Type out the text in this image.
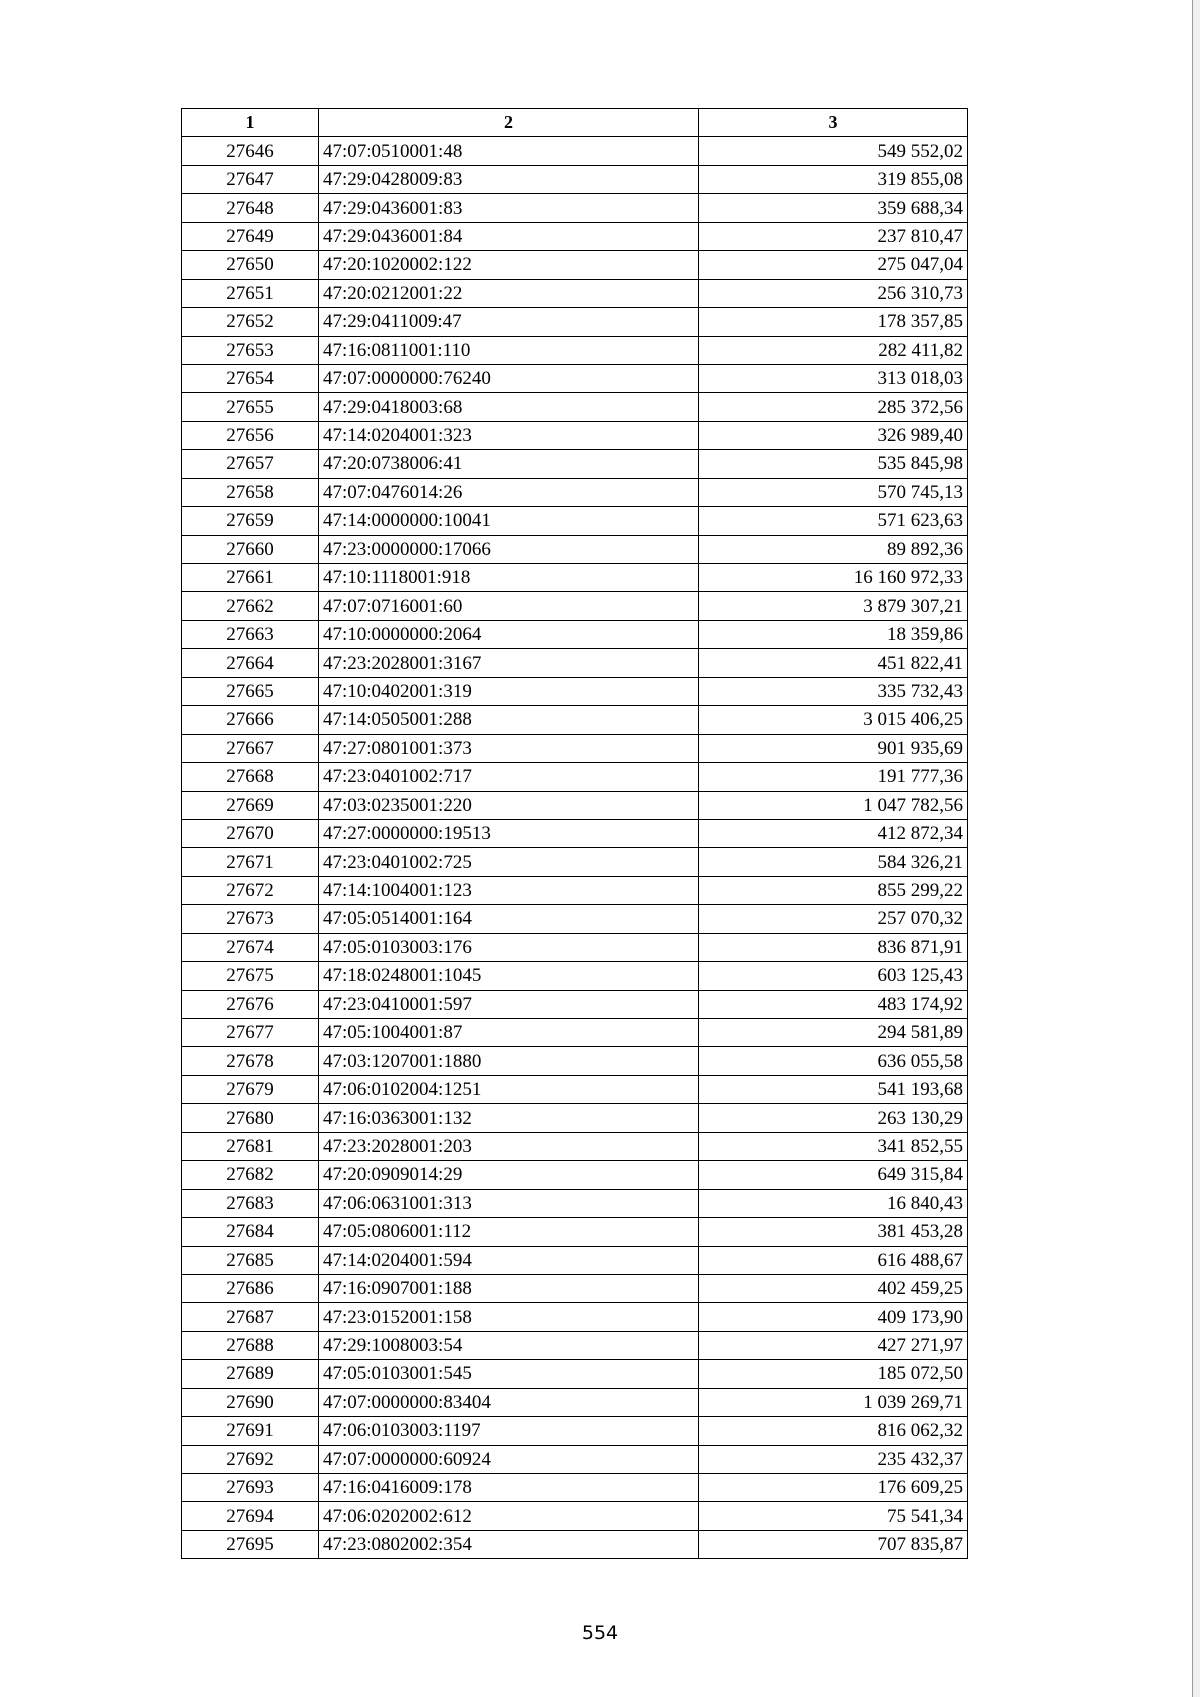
1	2	3
27646	47:07:0510001:48	549 552,02
27647	47:29:0428009:83	319 855,08
27648	47:29:0436001:83	359 688,34
27649	47:29:0436001:84	237 810,47
27650	47:20:1020002:122	275 047,04
27651	47:20:0212001:22	256 310,73
27652	47:29:0411009:47	178 357,85
27653	47:16:0811001:110	282 411,82
27654	47:07:0000000:76240	313 018,03
27655	47:29:0418003:68	285 372,56
27656	47:14:0204001:323	326 989,40
27657	47:20:0738006:41	535 845,98
27658	47:07:0476014:26	570 745,13
27659	47:14:0000000:10041	571 623,63
27660	47:23:0000000:17066	89 892,36
27661	47:10:1118001:918	16 160 972,33
27662	47:07:0716001:60	3 879 307,21
27663	47:10:0000000:2064	18 359,86
27664	47:23:2028001:3167	451 822,41
27665	47:10:0402001:319	335 732,43
27666	47:14:0505001:288	3 015 406,25
27667	47:27:0801001:373	901 935,69
27668	47:23:0401002:717	191 777,36
27669	47:03:0235001:220	1 047 782,56
27670	47:27:0000000:19513	412 872,34
27671	47:23:0401002:725	584 326,21
27672	47:14:1004001:123	855 299,22
27673	47:05:0514001:164	257 070,32
27674	47:05:0103003:176	836 871,91
27675	47:18:0248001:1045	603 125,43
27676	47:23:0410001:597	483 174,92
27677	47:05:1004001:87	294 581,89
27678	47:03:1207001:1880	636 055,58
27679	47:06:0102004:1251	541 193,68
27680	47:16:0363001:132	263 130,29
27681	47:23:2028001:203	341 852,55
27682	47:20:0909014:29	649 315,84
27683	47:06:0631001:313	16 840,43
27684	47:05:0806001:112	381 453,28
27685	47:14:0204001:594	616 488,67
27686	47:16:0907001:188	402 459,25
27687	47:23:0152001:158	409 173,90
27688	47:29:1008003:54	427 271,97
27689	47:05:0103001:545	185 072,50
27690	47:07:0000000:83404	1 039 269,71
27691	47:06:0103003:1197	816 062,32
27692	47:07:0000000:60924	235 432,37
27693	47:16:0416009:178	176 609,25
27694	47:06:0202002:612	75 541,34
27695	47:23:0802002:354	707 835,87
554
